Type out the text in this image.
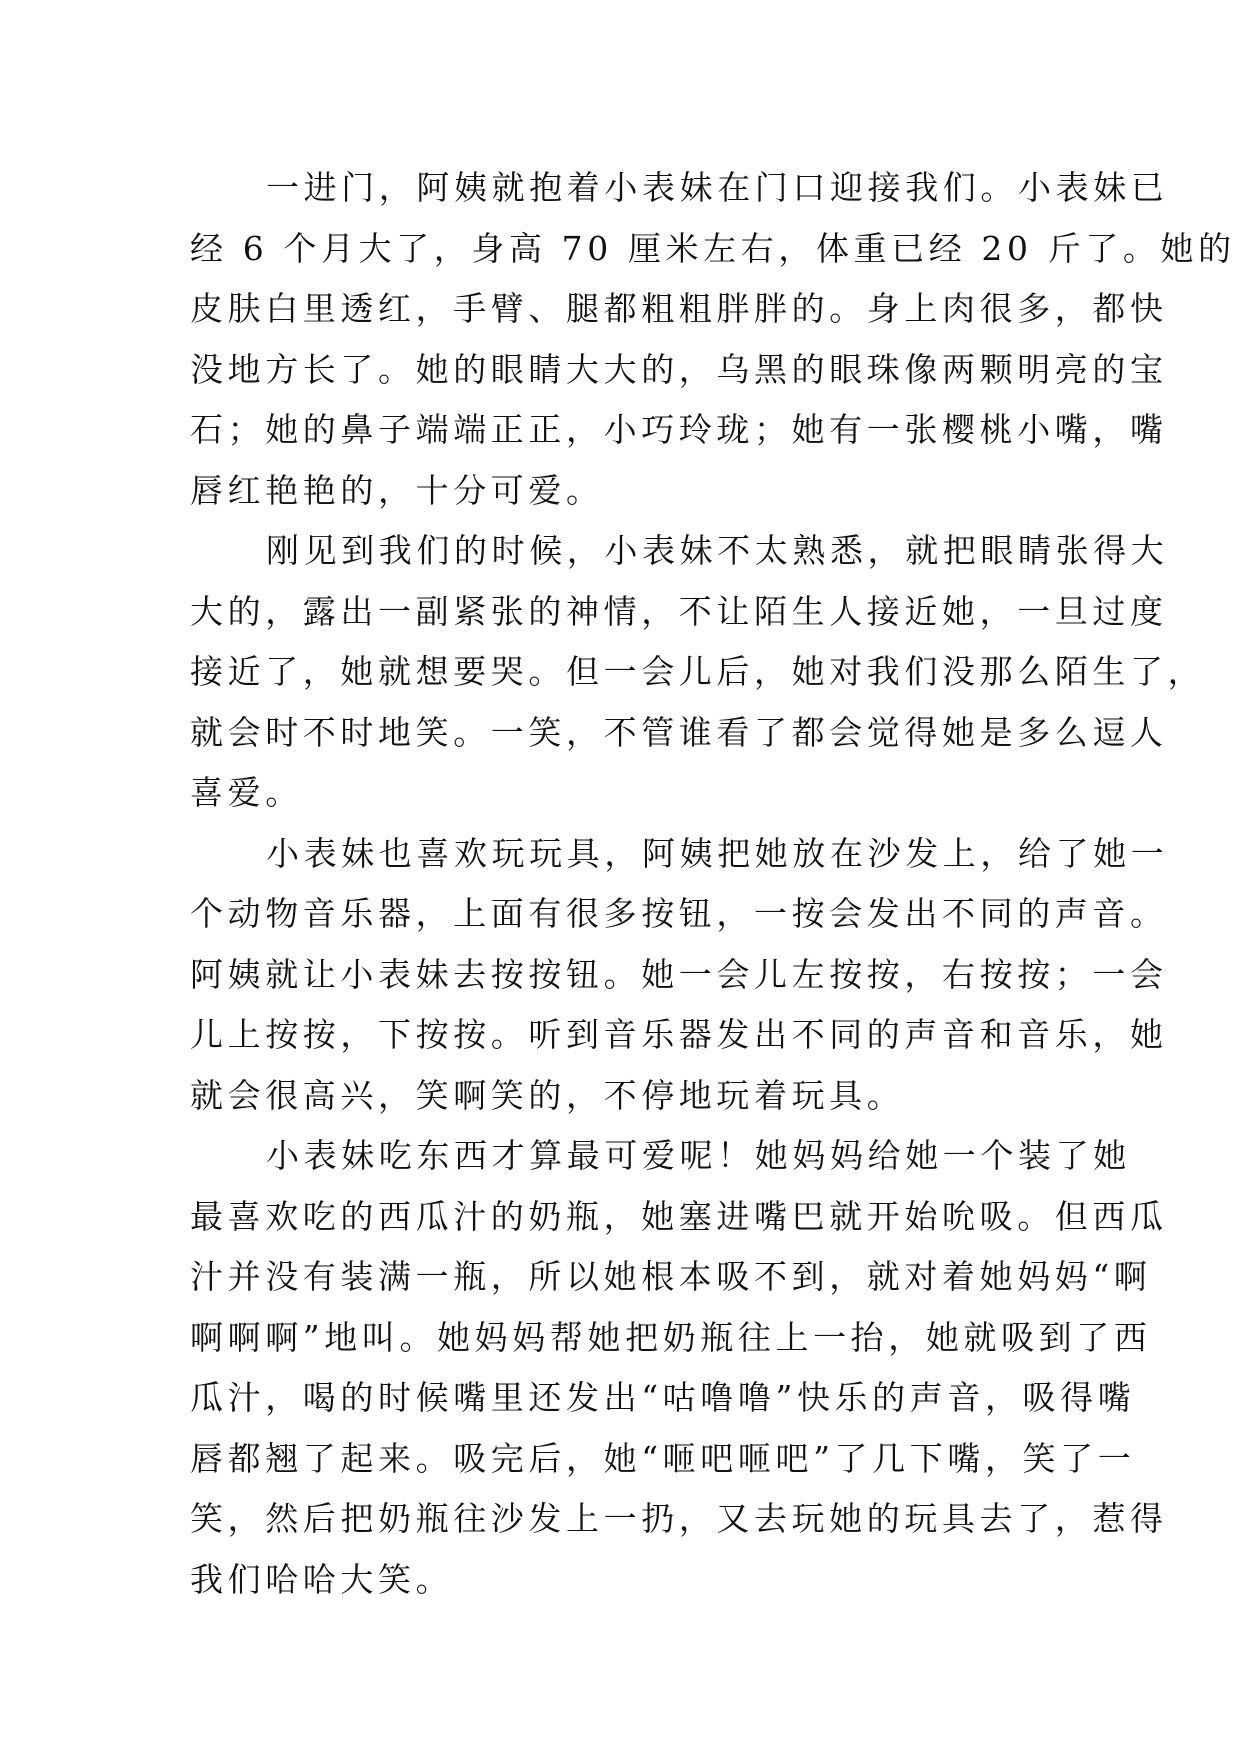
一进门，阿姨就抱着小表妹在门口迎接我们。小表妹已
经 6 个月大了，身高 70 厘米左右，体重已经 20 斤了。她的
皮肤白里透红，手臂、腿都粗粗胖胖的。身上肉很多，都快
没地方长了。她的眼睛大大的，乌黑的眼珠像两颗明亮的宝
石；她的鼻子端端正正，小巧玲珑；她有一张樱桃小嘴，嘴
唇红艳艳的，十分可爱。
刚见到我们的时候，小表妹不太熟悉，就把眼睛张得大
大的，露出一副紧张的神情，不让陌生人接近她，一旦过度
接近了，她就想要哭。但一会儿后，她对我们没那么陌生了，
就会时不时地笑。一笑，不管谁看了都会觉得她是多么逗人
喜爱。
小表妹也喜欢玩玩具，阿姨把她放在沙发上，给了她一
个动物音乐器，上面有很多按钮，一按会发出不同的声音。
阿姨就让小表妹去按按钮。她一会儿左按按，右按按；一会
儿上按按，下按按。听到音乐器发出不同的声音和音乐，她
就会很高兴，笑啊笑的，不停地玩着玩具。
小表妹吃东西才算最可爱呢！她妈妈给她一个装了她
最喜欢吃的西瓜汁的奶瓶，她塞进嘴巴就开始吮吸。但西瓜
汁并没有装满一瓶，所以她根本吸不到，就对着她妈妈“啊
啊啊啊”地叫。她妈妈帮她把奶瓶往上一抬，她就吸到了西
瓜汁，喝的时候嘴里还发出“咕噜噜”快乐的声音，吸得嘴
唇都翘了起来。吸完后，她“咂吧咂吧”了几下嘴，笑了一
笑，然后把奶瓶往沙发上一扔，又去玩她的玩具去了，惹得
我们哈哈大笑。
